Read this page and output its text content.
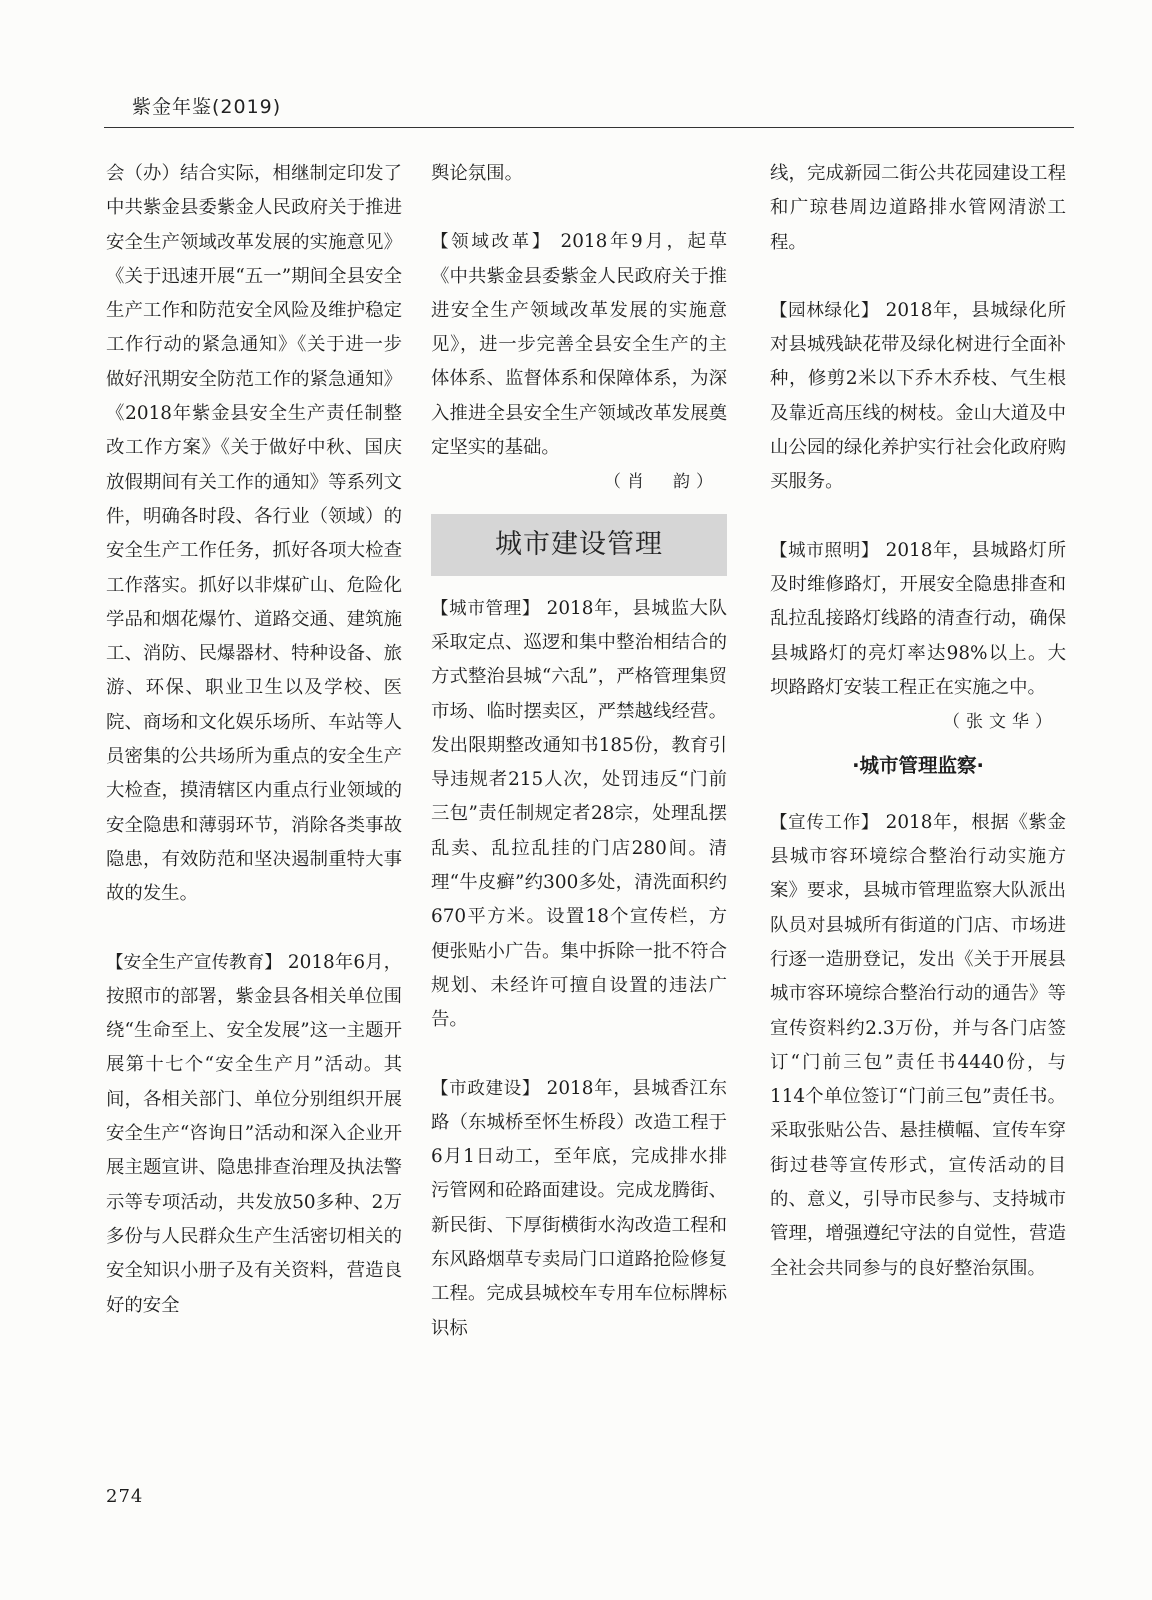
紫金年鉴(2019)

会（办）结合实际，相继制定印发了中共紫金县委紫金人民政府关于推进安全生产领域改革发展的实施意见》《关于迅速开展“五一”期间全县安全生产工作和防范安全风险及维护稳定工作行动的紧急通知》《关于进一步做好汛期安全防范工作的紧急通知》《2018年紫金县安全生产责任制整改工作方案》《关于做好中秋、国庆放假期间有关工作的通知》等系列文件，明确各时段、各行业（领域）的安全生产工作任务，抓好各项大检查工作落实。抓好以非煤矿山、危险化学品和烟花爆竹、道路交通、建筑施工、消防、民爆器材、特种设备、旅游、环保、职业卫生以及学校、医院、商场和文化娱乐场所、车站等人员密集的公共场所为重点的安全生产大检查，摸清辖区内重点行业领域的安全隐患和薄弱环节，消除各类事故隐患，有效防范和坚决遏制重特大事故的发生。

【安全生产宣传教育】 2018年6月，按照市的部署，紫金县各相关单位围绕“生命至上、安全发展”这一主题开展第十七个“安全生产月”活动。其间，各相关部门、单位分别组织开展安全生产“咨询日”活动和深入企业开展主题宣讲、隐患排查治理及执法警示等专项活动，共发放50多种、2万多份与人民群众生产生活密切相关的安全知识小册子及有关资料，营造良好的安全

舆论氛围。

【领域改革】 2018年9月，起草《中共紫金县委紫金人民政府关于推进安全生产领域改革发展的实施意见》，进一步完善全县安全生产的主体体系、监督体系和保障体系，为深入推进全县安全生产领域改革发展奠定坚实的基础。

（肖　韵）

城市建设管理

【城市管理】 2018年，县城监大队采取定点、巡逻和集中整治相结合的方式整治县城“六乱”，严格管理集贸市场、临时摆卖区，严禁越线经营。发出限期整改通知书185份，教育引导违规者215人次，处罚违反“门前三包”责任制规定者28宗，处理乱摆乱卖、乱拉乱挂的门店280间。清理“牛皮癣”约300多处，清洗面积约670平方米。设置18个宣传栏，方便张贴小广告。集中拆除一批不符合规划、未经许可擅自设置的违法广告。

【市政建设】 2018年，县城香江东路（东城桥至怀生桥段）改造工程于6月1日动工，至年底，完成排水排污管网和砼路面建设。完成龙腾街、新民街、下厚街横街水沟改造工程和东风路烟草专卖局门口道路抢险修复工程。完成县城校车专用车位标牌标识标

线，完成新园二街公共花园建设工程和广琼巷周边道路排水管网清淤工程。

【园林绿化】 2018年，县城绿化所对县城残缺花带及绿化树进行全面补种，修剪2米以下乔木乔枝、气生根及靠近高压线的树枝。金山大道及中山公园的绿化养护实行社会化政府购买服务。

【城市照明】 2018年，县城路灯所及时维修路灯，开展安全隐患排查和乱拉乱接路灯线路的清查行动，确保县城路灯的亮灯率达98%以上。大坝路路灯安装工程正在实施之中。

（张文华）

·城市管理监察·

【宣传工作】 2018年，根据《紫金县城市容环境综合整治行动实施方案》要求，县城市管理监察大队派出队员对县城所有街道的门店、市场进行逐一造册登记，发出《关于开展县城市容环境综合整治行动的通告》等宣传资料约2.3万份，并与各门店签订“门前三包”责任书4440份，与114个单位签订“门前三包”责任书。采取张贴公告、悬挂横幅、宣传车穿街过巷等宣传形式，宣传活动的目的、意义，引导市民参与、支持城市管理，增强遵纪守法的自觉性，营造全社会共同参与的良好整治氛围。

274
